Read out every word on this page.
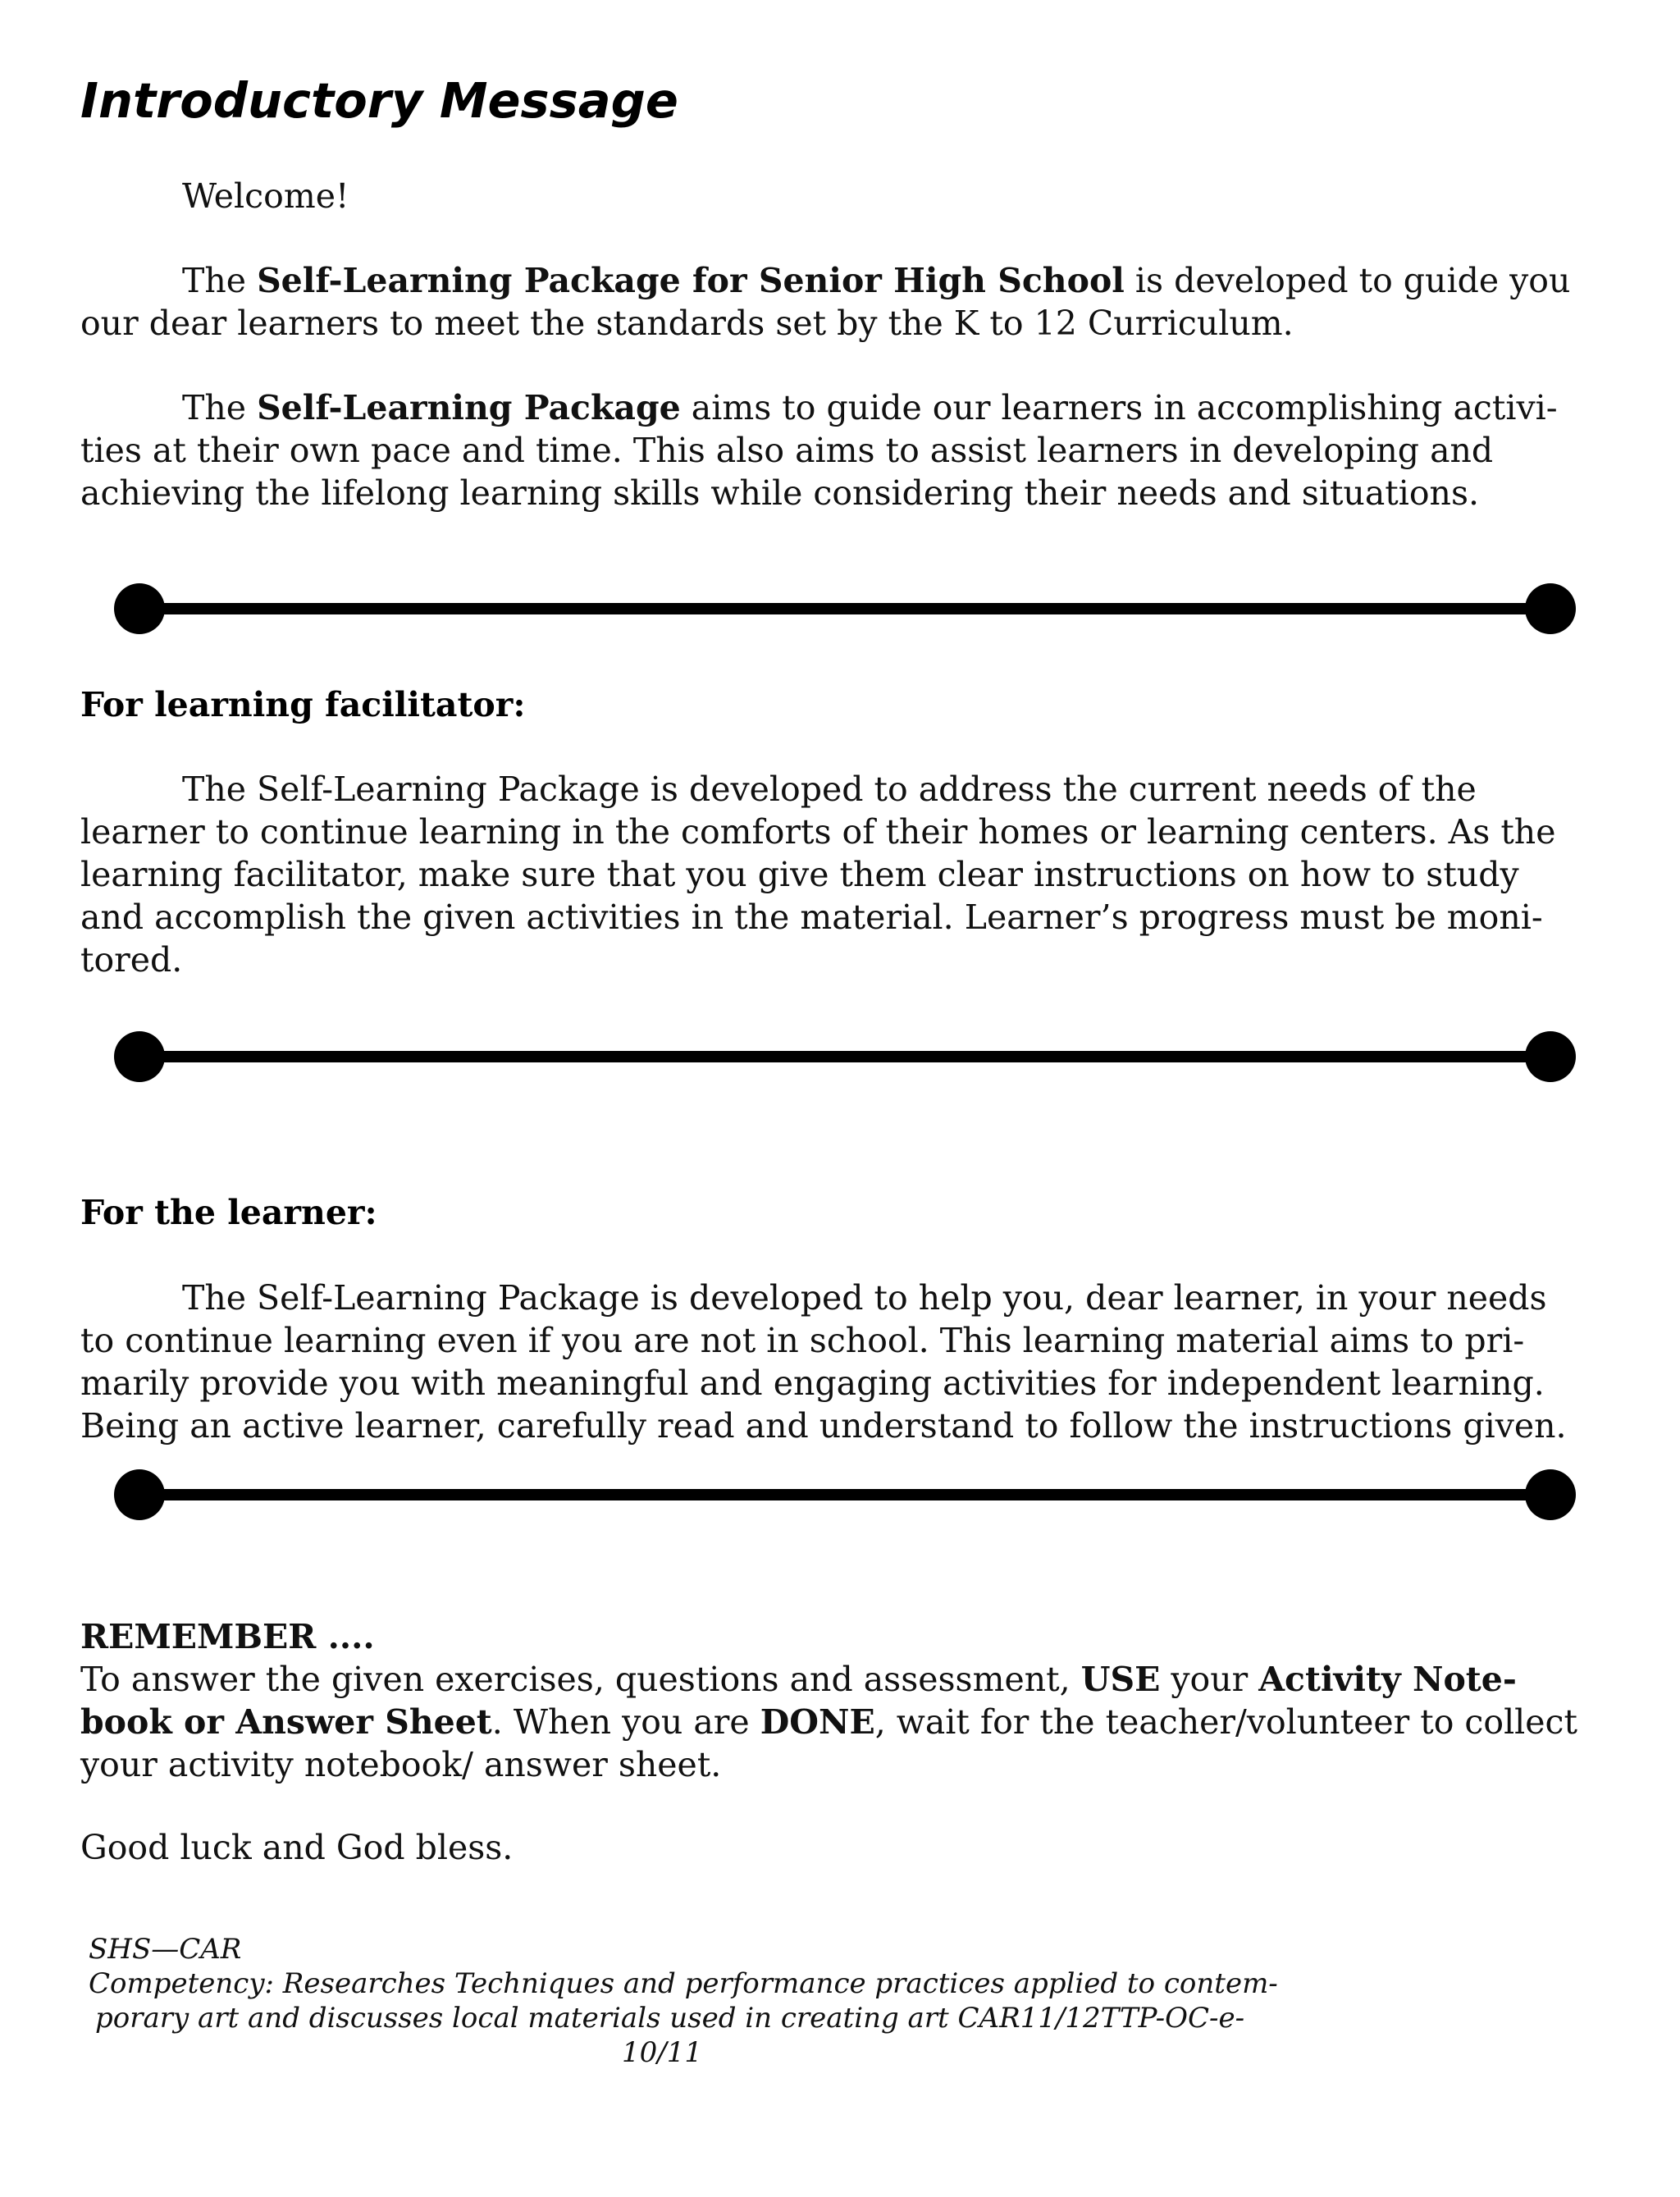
Introductory Message
Welcome!
The Self-Learning Package for Senior High School is developed to guide you
our dear learners to meet the standards set by the K to 12 Curriculum.
The Self-Learning Package aims to guide our learners in accomplishing activi-
ties at their own pace and time. This also aims to assist learners in developing and
achieving the lifelong learning skills while considering their needs and situations.
For learning facilitator:
The Self-Learning Package is developed to address the current needs of the
learner to continue learning in the comforts of their homes or learning centers. As the
learning facilitator, make sure that you give them clear instructions on how to study
and accomplish the given activities in the material. Learner’s progress must be moni-
tored.
For the learner:
The Self-Learning Package is developed to help you, dear learner, in your needs
to continue learning even if you are not in school. This learning material aims to pri-
marily provide you with meaningful and engaging activities for independent learning.
Being an active learner, carefully read and understand to follow the instructions given.
REMEMBER ....
To answer the given exercises, questions and assessment, USE your Activity Note-
book or Answer Sheet. When you are DONE, wait for the teacher/volunteer to collect
your activity notebook/ answer sheet.
Good luck and God bless.
SHS—CAR
Competency: Researches Techniques and performance practices applied to contem-
porary art and discusses local materials used in creating art CAR11/12TTP-OC-e-
10/11
